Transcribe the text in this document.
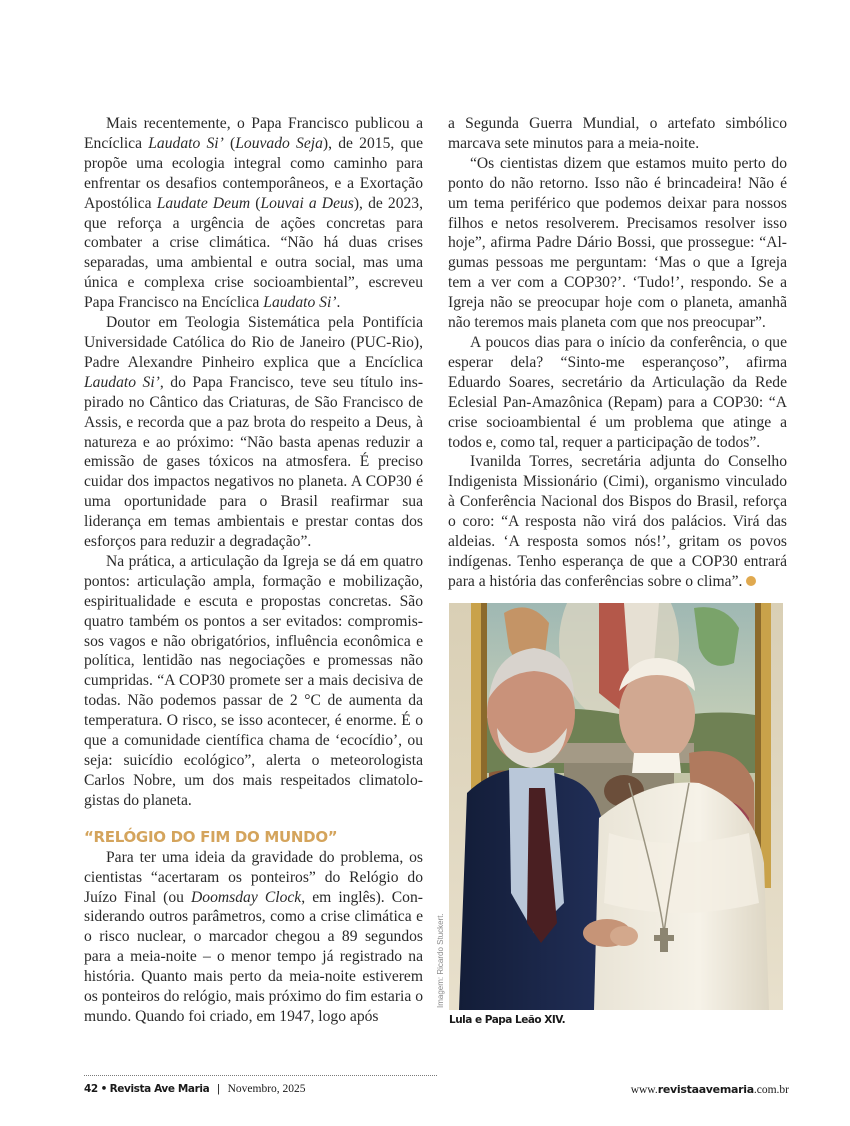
Mais recentemente, o Papa Francisco publicou a Encíclica Laudato Si’ (Louvado Seja), de 2015, que propõe uma ecologia integral como caminho para enfrentar os desafios contemporâneos, e a Exortação Apostólica Laudate Deum (Louvai a Deus), de 2023, que reforça a urgência de ações concretas para combater a crise climática. “Não há duas crises separadas, uma ambiental e outra social, mas uma única e complexa crise socioambiental”, escreveu Papa Francisco na Encíclica Laudato Si’.

Doutor em Teologia Sistemática pela Pontifícia Universidade Católica do Rio de Janeiro (PUC-Rio), Padre Alexandre Pinheiro explica que a Encíclica Laudato Si’, do Papa Francisco, teve seu título inspirado no Cântico das Criaturas, de São Francisco de Assis, e recorda que a paz brota do respeito a Deus, à natureza e ao próximo: “Não basta apenas reduzir a emissão de gases tóxicos na atmosfera. É preciso cuidar dos impactos negativos no planeta. A COP30 é uma oportunidade para o Brasil reafirmar sua liderança em temas ambientais e prestar contas dos esforços para reduzir a degradação”.

Na prática, a articulação da Igreja se dá em quatro pontos: articulação ampla, formação e mobilização, espiritualidade e escuta e propostas concretas. São quatro também os pontos a ser evitados: compromissos vagos e não obrigatórios, influência econômica e política, lentidão nas negociações e promessas não cumpridas. “A COP30 promete ser a mais decisiva de todas. Não podemos passar de 2 °C de aumenta da temperatura. O risco, se isso acontecer, é enorme. É o que a comunidade científica chama de ‘ecocídio’, ou seja: suicídio ecológico”, alerta o meteorologista Carlos Nobre, um dos mais respeitados climatologistas do planeta.

“RELÓGIO DO FIM DO MUNDO”

Para ter uma ideia da gravidade do problema, os cientistas “acertaram os ponteiros” do Relógio do Juízo Final (ou Doomsday Clock, em inglês). Considerando outros parâmetros, como a crise climática e o risco nuclear, o marcador chegou a 89 segundos para a meia-noite – o menor tempo já registrado na história. Quanto mais perto da meia-noite estiverem os ponteiros do relógio, mais próximo do fim estaria o mundo. Quando foi criado, em 1947, logo após

a Segunda Guerra Mundial, o artefato simbólico marcava sete minutos para a meia-noite.

“Os cientistas dizem que estamos muito perto do ponto do não retorno. Isso não é brincadeira! Não é um tema periférico que podemos deixar para nossos filhos e netos resolverem. Precisamos resolver isso hoje”, afirma Padre Dário Bossi, que prossegue: “Algumas pessoas me perguntam: ‘Mas o que a Igreja tem a ver com a COP30?’. ‘Tudo!’, respondo. Se a Igreja não se preocupar hoje com o planeta, amanhã não teremos mais planeta com que nos preocupar”.

A poucos dias para o início da conferência, o que esperar dela? “Sinto-me esperançoso”, afirma Eduardo Soares, secretário da Articulação da Rede Eclesial Pan-Amazônica (Repam) para a COP30: “A crise socioambiental é um problema que atinge a todos e, como tal, requer a participação de todos”.

Ivanilda Torres, secretária adjunta do Conselho Indigenista Missionário (Cimi), organismo vinculado à Conferência Nacional dos Bispos do Brasil, reforça o coro: “A resposta não virá dos palácios. Virá das aldeias. ‘A resposta somos nós!’, gritam os povos indígenas. Tenho esperança de que a COP30 entrará para a história das conferências sobre o clima”.

Imagem: Ricardo Stuckert.
Lula e Papa Leão XIV.
42 • Revista Ave Maria | Novembro, 2025	www.revistaavemaria.com.br
